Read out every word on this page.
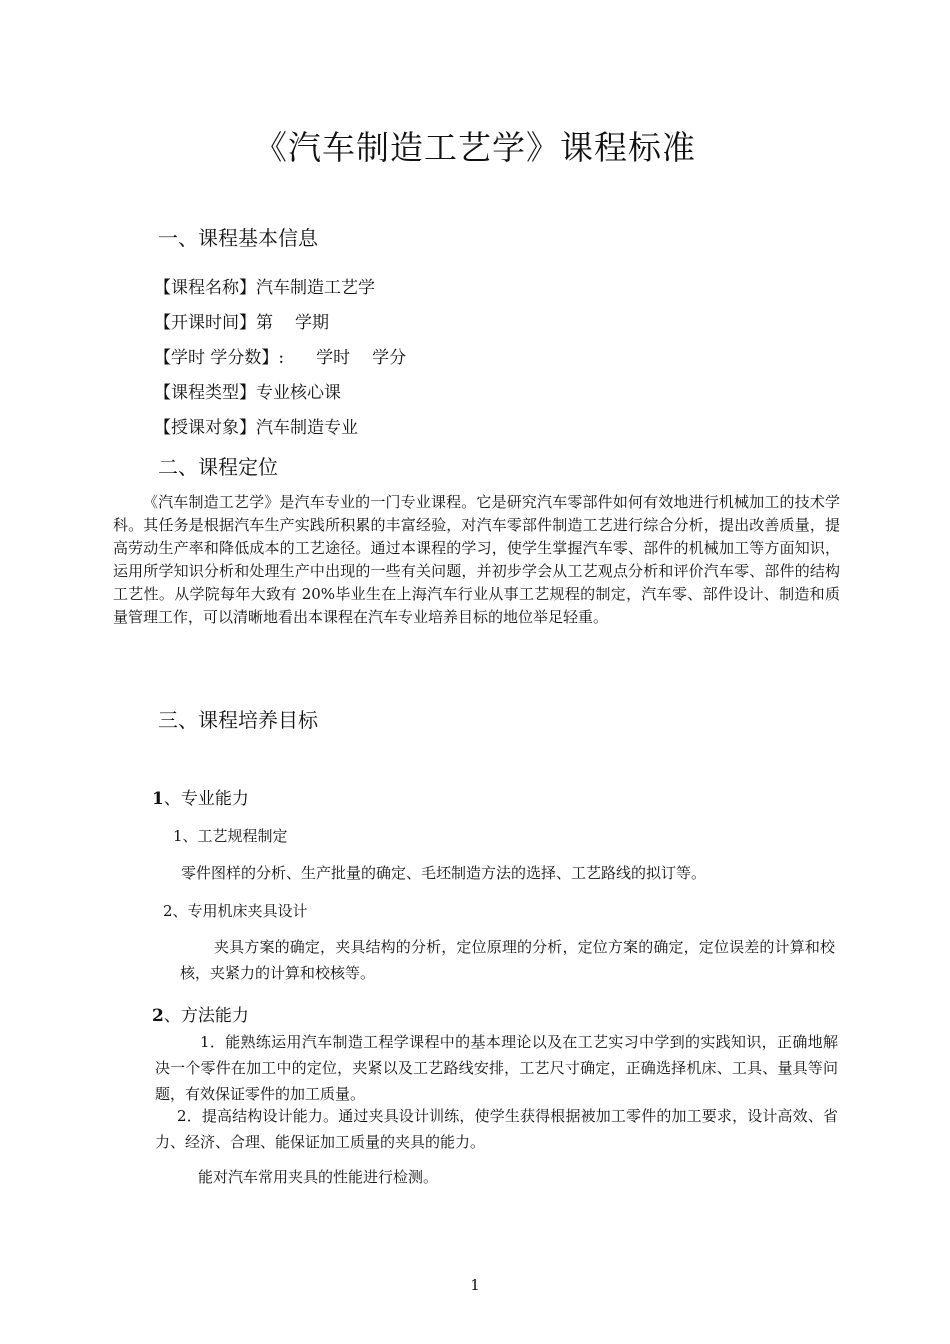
《汽车制造工艺学》课程标准
一、课程基本信息
【课程名称】汽车制造工艺学
【开课时间】第 学期
【学时 学分数】: 学时 学分
【课程类型】专业核心课
【授课对象】汽车制造专业
二、课程定位

《汽车制造工艺学》是汽车专业的一门专业课程。它是研究汽车零部件如何有效地进行机械加工的技术学科。其任务是根据汽车生产实践所积累的丰富经验，对汽车零部件制造工艺进行综合分析，提出改善质量，提高劳动生产率和降低成本的工艺途径。通过本课程的学习，使学生掌握汽车零、部件的机械加工等方面知识，运用所学知识分析和处理生产中出现的一些有关问题，并初步学会从工艺观点分析和评价汽车零、部件的结构工艺性。从学院每年大致有 20%毕业生在上海汽车行业从事工艺规程的制定，汽车零、部件设计、制造和质量管理工作，可以清晰地看出本课程在汽车专业培养目标的地位举足轻重。

三、课程培养目标
1、专业能力
1、工艺规程制定
零件图样的分析、生产批量的确定、毛坯制造方法的选择、工艺路线的拟订等。
2、专用机床夹具设计

夹具方案的确定，夹具结构的分析，定位原理的分析，定位方案的确定，定位误差的计算和校核，夹紧力的计算和校核等。

2、方法能力

1．能熟练运用汽车制造工程学课程中的基本理论以及在工艺实习中学到的实践知识，正确地解决一个零件在加工中的定位，夹紧以及工艺路线安排，工艺尺寸确定，正确选择机床、工具、量具等问题，有效保证零件的加工质量。

2．提高结构设计能力。通过夹具设计训练，使学生获得根据被加工零件的加工要求，设计高效、省力、经济、合理、能保证加工质量的夹具的能力。

能对汽车常用夹具的性能进行检测。
1
